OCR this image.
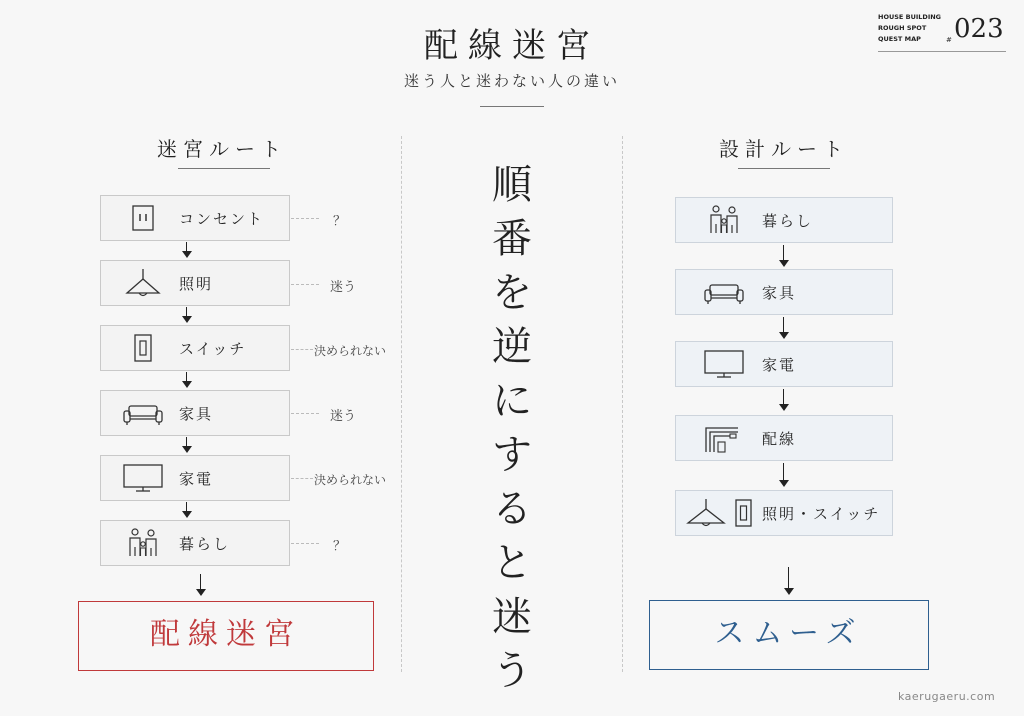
配線迷宮
迷う人と迷わない人の違い
HOUSE BUILDING
ROUGH SPOT
QUEST MAP	# 023
迷宮ルート
コンセント	？
照明	迷う
スイッチ	決められない
家具	迷う
家電	決められない
暮らし	？
配線迷宮
順
番
を
逆
に
す
る
と
迷
う
設計ルート
暮らし
家具
家電
配線
照明・スイッチ
スムーズ
kaerugaeru.com
